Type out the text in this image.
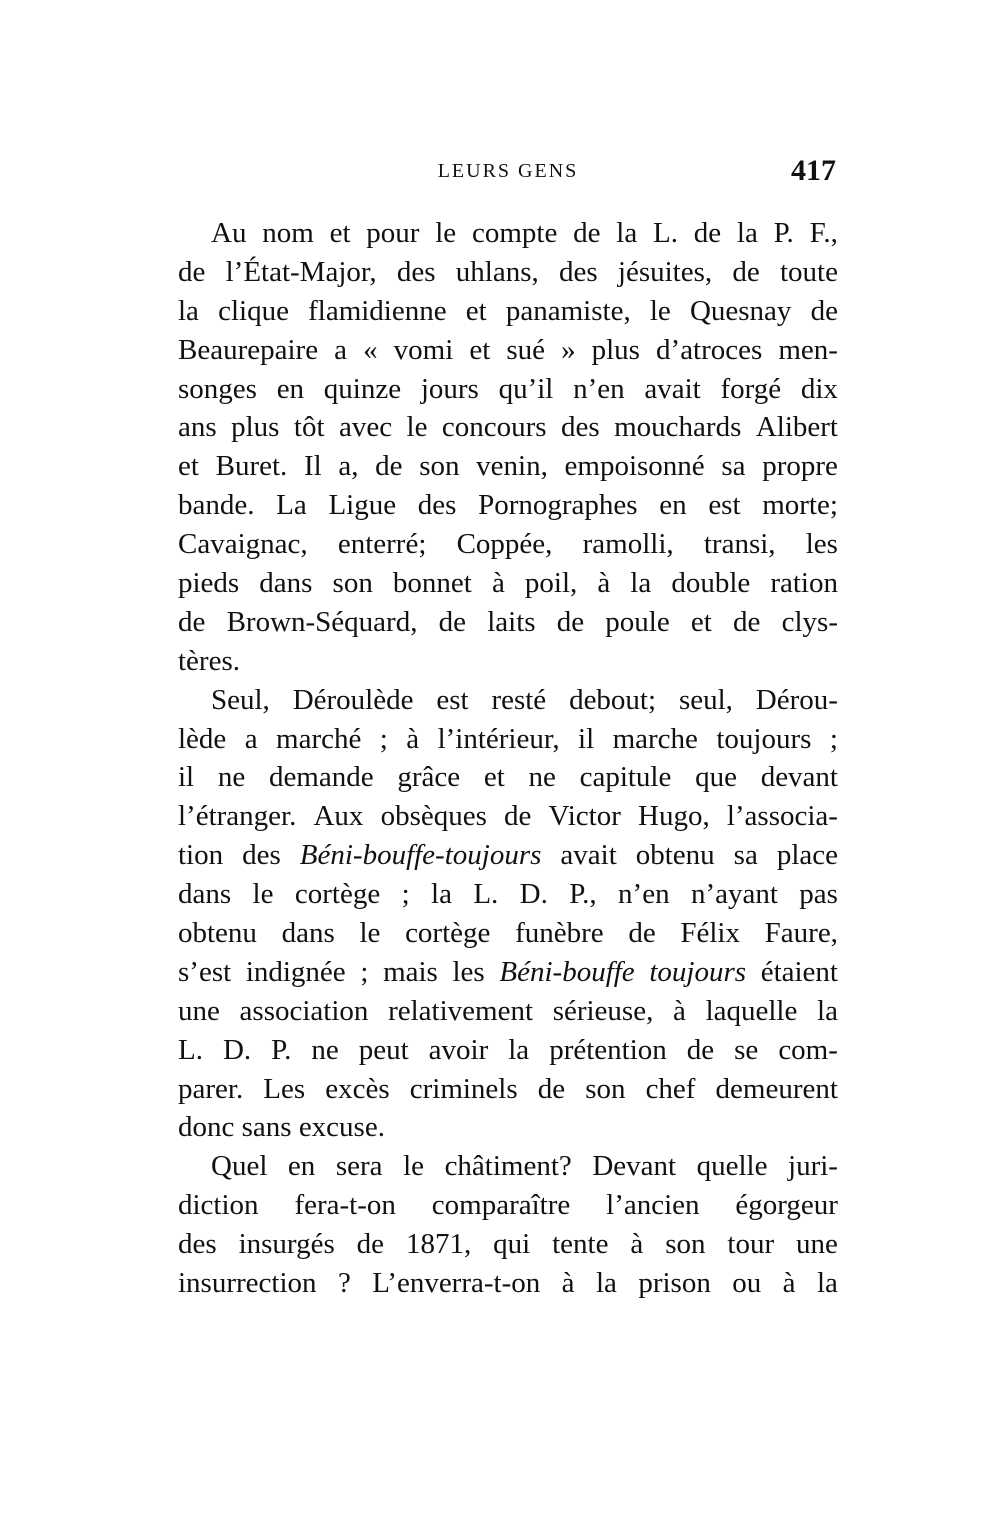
LEURS GENS	417
Au nom et pour le compte de la L. de la P. F.,
de l’État-Major, des uhlans, des jésuites, de toute
la clique flamidienne et panamiste, le Quesnay de
Beaurepaire a « vomi et sué » plus d’atroces men-
songes en quinze jours qu’il n’en avait forgé dix
ans plus tôt avec le concours des mouchards Alibert
et Buret. Il a, de son venin, empoisonné sa propre
bande. La Ligue des Pornographes en est morte;
Cavaignac, enterré; Coppée, ramolli, transi, les
pieds dans son bonnet à poil, à la double ration
de Brown-Séquard, de laits de poule et de clys-
tères.
Seul, Déroulède est resté debout; seul, Dérou-
lède a marché ; à l’intérieur, il marche toujours ;
il ne demande grâce et ne capitule que devant
l’étranger. Aux obsèques de Victor Hugo, l’associa-
tion des Béni-bouffe-toujours avait obtenu sa place
dans le cortège ; la L. D. P., n’en n’ayant pas
obtenu dans le cortège funèbre de Félix Faure,
s’est indignée ; mais les Béni-bouffe toujours étaient
une association relativement sérieuse, à laquelle la
L. D. P. ne peut avoir la prétention de se com-
parer. Les excès criminels de son chef demeurent
donc sans excuse.
Quel en sera le châtiment? Devant quelle juri-
diction fera-t-on comparaître l’ancien égorgeur
des insurgés de 1871, qui tente à son tour une
insurrection ? L’enverra-t-on à la prison ou à la
